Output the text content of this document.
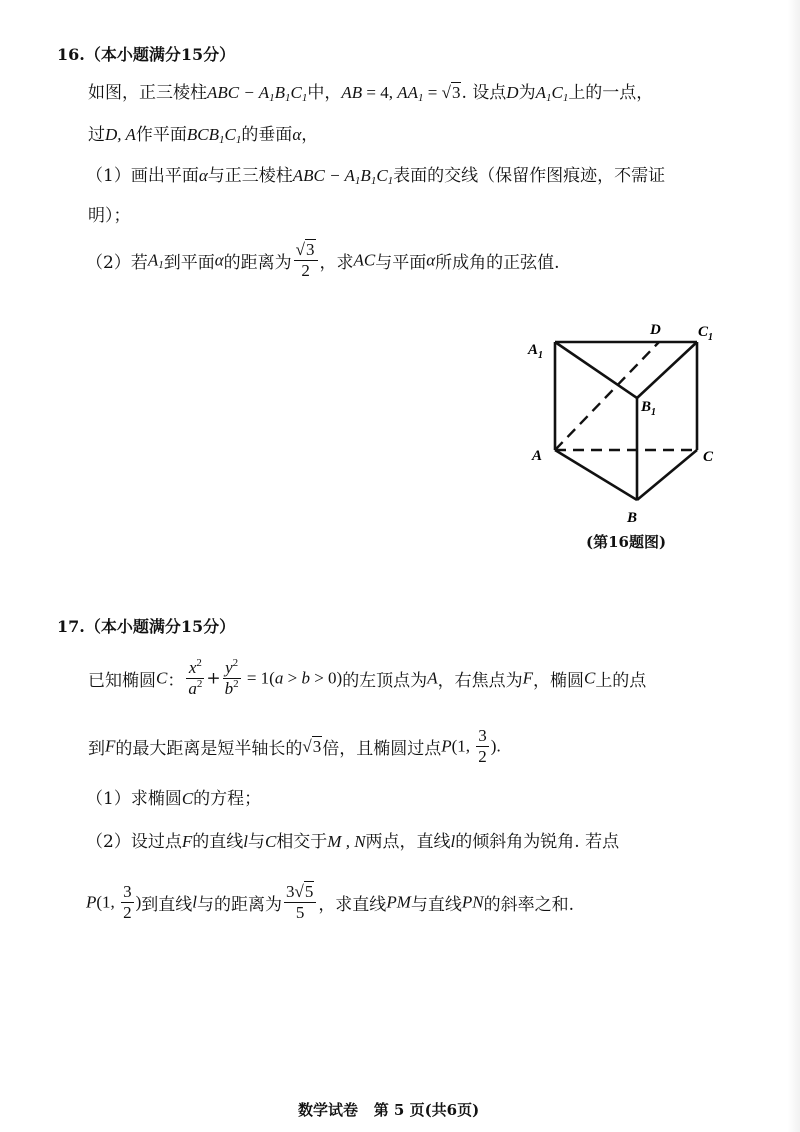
16.（本小题满分15分）
如图，正三棱柱ABC − $A_1B_1C_1$中，AB = 4, $AA_1 = √3$. 设点D为$A_1C_1$上的一点，
过D, A作平面$BCB_1C_1$的垂面α，
（1）画出平面α与正三棱柱ABC − $A_1B_1C_1$表面的交线（保留作图痕迹，不需证
明）；
（2）若$A_1$到平面α的距离为 $\frac{√3}{2}$ ，求AC与平面α所成角的正弦值.
$A_1$
D $C_1$
$B_1$
A	C
B
(第16题图)
17.（本小题满分15分）
已知椭圆C： $\frac{x^2}{a^2} + \frac{y^2}{b^2} = 1(a > b > 0)$的左顶点为A，右焦点为F，椭圆C上的点
到F的最大距离是短半轴长的√3倍，且椭圆过点P(1, $\frac{3}{2}$ ).
（1）求椭圆C的方程；
（2）设过点F的直线l与C相交于M , N两点，直线l的倾斜角为锐角. 若点
P(1, $\frac{3}{2}$ )到直线l与的距离为 $\frac{3√5}{5}$ ，求直线PM与直线PN的斜率之和.
数学试卷 第 5 页(共6页)
